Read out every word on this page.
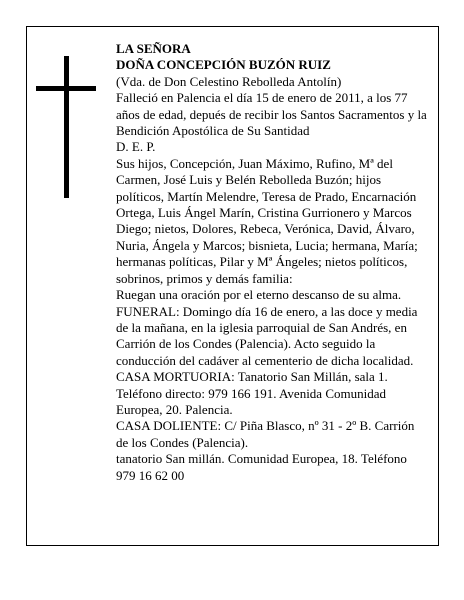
LA SEÑORA

DOÑA CONCEPCIÓN BUZÓN RUIZ

(Vda. de Don Celestino Rebolleda Antolín)

Falleció en Palencia el día 15 de enero de 2011, a los 77 años de edad, depués de recibir los Santos Sacramentos y la Bendición Apostólica de Su Santidad

D. E. P.

Sus hijos, Concepción, Juan Máximo, Rufino, Mª del Carmen, José Luis y Belén Rebolleda Buzón; hijos políticos, Martín Melendre, Teresa de Prado, Encarnación Ortega, Luis Ángel Marín, Cristina Gurrionero y Marcos Diego; nietos, Dolores, Rebeca, Verónica, David, Álvaro, Nuria, Ángela y Marcos; bisnieta, Lucia; hermana, María; hermanas políticas, Pilar y Mª Ángeles; nietos políticos, sobrinos, primos y demás familia:

Ruegan una oración por el eterno descanso de su alma.

FUNERAL: Domingo día 16 de enero, a las doce y media de la mañana, en la iglesia parroquial de San Andrés, en Carrión de los Condes (Palencia). Acto seguido la conducción del cadáver al cementerio de dicha localidad.

CASA MORTUORIA: Tanatorio San Millán, sala 1. Teléfono directo: 979 166 191. Avenida Comunidad Europea, 20. Palencia.

CASA DOLIENTE: C/ Piña Blasco, nº 31 - 2º B. Carrión de los Condes (Palencia).

tanatorio San millán. Comunidad Europea, 18. Teléfono 979 16 62 00
